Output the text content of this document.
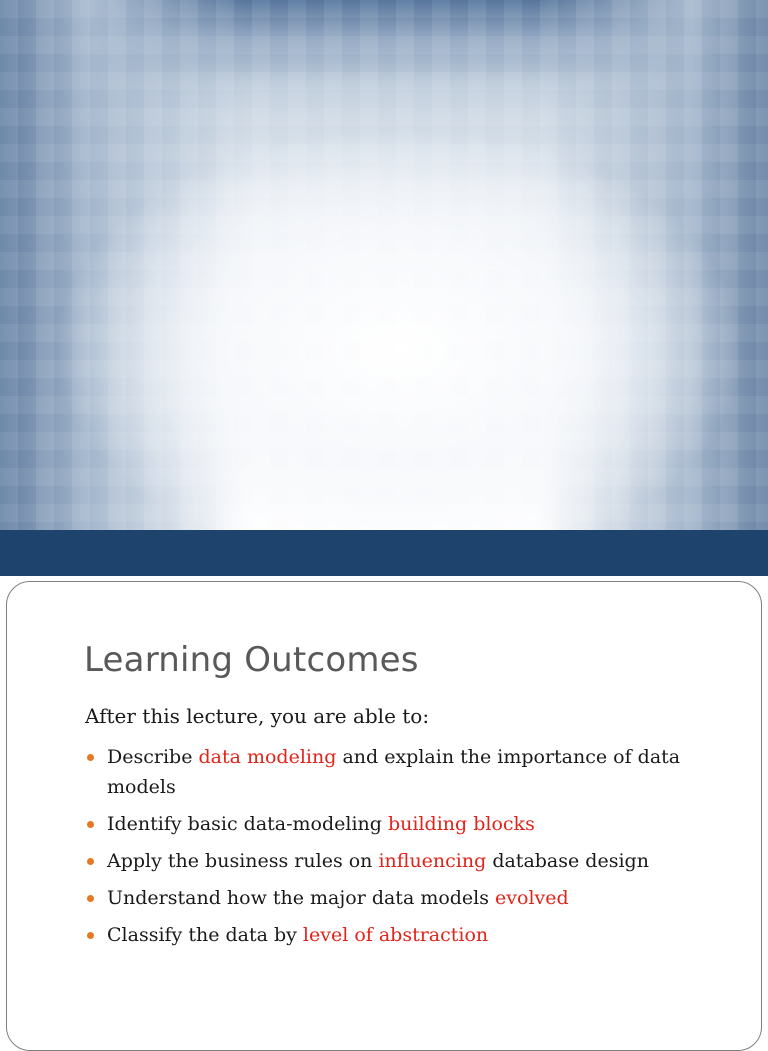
Learning Outcomes
After this lecture, you are able to:
Describe data modeling and explain the importance of data models
Identify basic data-modeling building blocks
Apply the business rules on influencing database design
Understand how the major data models evolved
Classify the data by level of abstraction
